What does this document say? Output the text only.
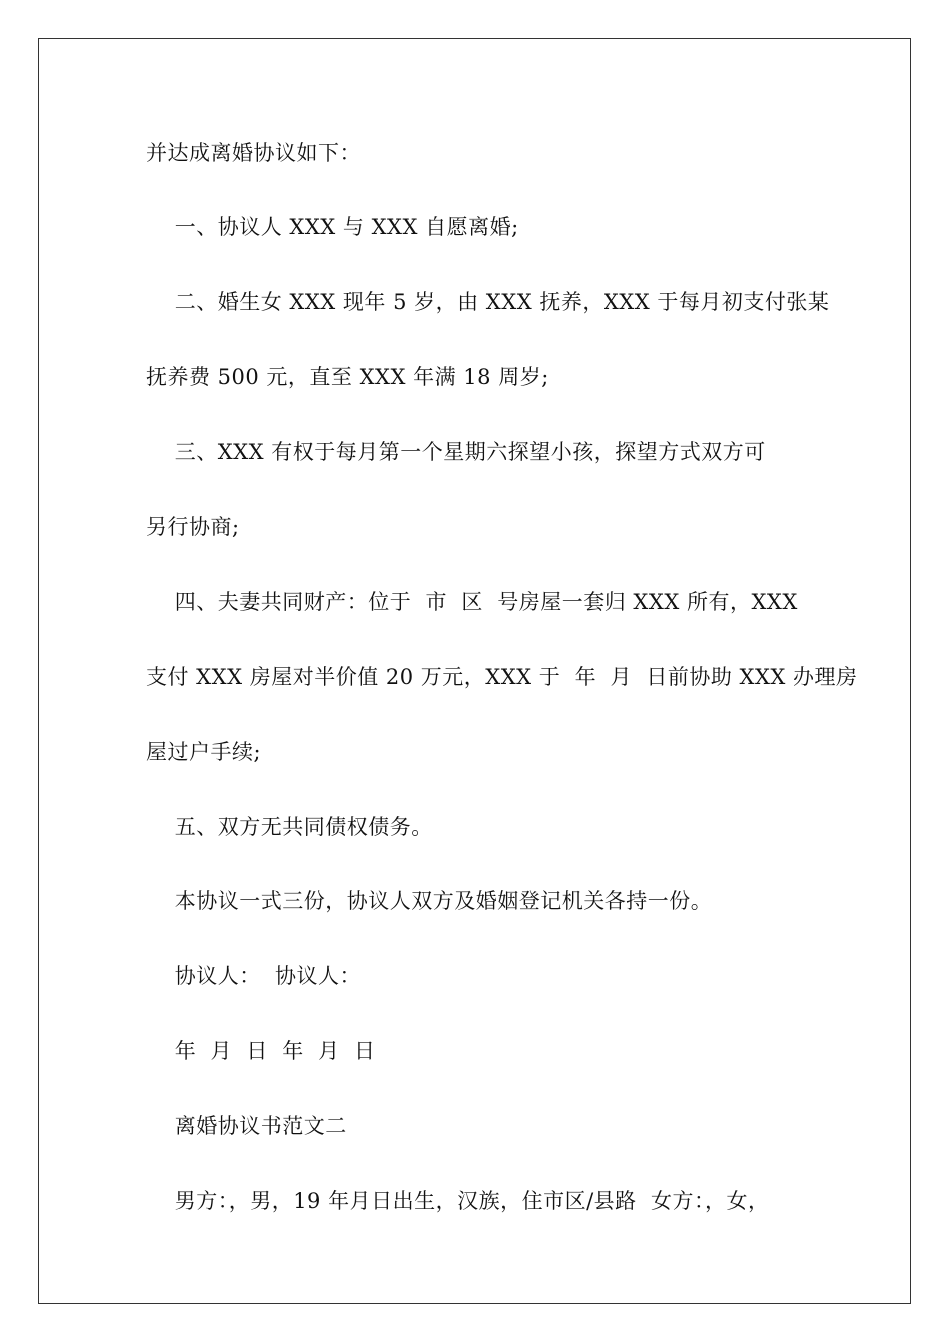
并达成离婚协议如下：
一、协议人 XXX 与 XXX 自愿离婚;
二、婚生女 XXX 现年 5 岁，由 XXX 抚养，XXX 于每月初支付张某
抚养费 500 元，直至 XXX 年满 18 周岁;
三、XXX 有权于每月第一个星期六探望小孩，探望方式双方可
另行协商;
四、夫妻共同财产：位于  市  区  号房屋一套归 XXX 所有，XXX
支付 XXX 房屋对半价值 20 万元，XXX 于  年  月  日前协助 XXX 办理房
屋过户手续;
五、双方无共同债权债务。
本协议一式三份，协议人双方及婚姻登记机关各持一份。
协议人：  协议人：
年  月  日  年  月  日
离婚协议书范文二
男方：，男，19 年月日出生，汉族，住市区/县路  女方：，女，
